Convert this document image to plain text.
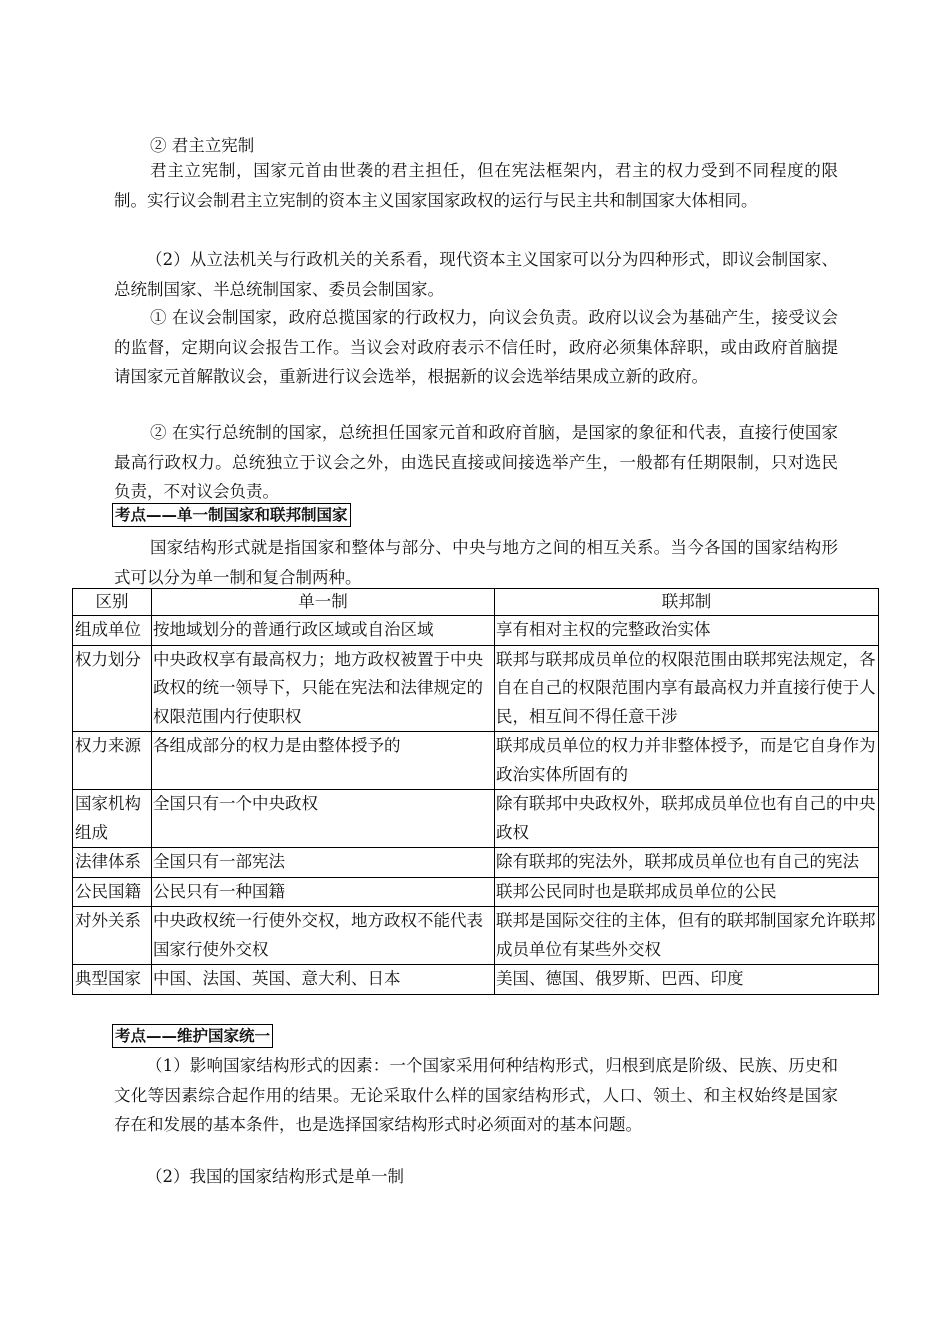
② 君主立宪制
君主立宪制，国家元首由世袭的君主担任，但在宪法框架内，君主的权力受到不同程度的限制。实行议会制君主立宪制的资本主义国家国家政权的运行与民主共和制国家大体相同。
（2）从立法机关与行政机关的关系看，现代资本主义国家可以分为四种形式，即议会制国家、总统制国家、半总统制国家、委员会制国家。
① 在议会制国家，政府总揽国家的行政权力，向议会负责。政府以议会为基础产生，接受议会的监督，定期向议会报告工作。当议会对政府表示不信任时，政府必须集体辞职，或由政府首脑提请国家元首解散议会，重新进行议会选举，根据新的议会选举结果成立新的政府。
② 在实行总统制的国家，总统担任国家元首和政府首脑，是国家的象征和代表，直接行使国家最高行政权力。总统独立于议会之外，由选民直接或间接选举产生，一般都有任期限制，只对选民负责，不对议会负责。
考点——单一制国家和联邦制国家
国家结构形式就是指国家和整体与部分、中央与地方之间的相互关系。当今各国的国家结构形式可以分为单一制和复合制两种。
区别	单一制	联邦制
组成单位	按地域划分的普通行政区域或自治区域	享有相对主权的完整政治实体
权力划分	中央政权享有最高权力；地方政权被置于中央政权的统一领导下，只能在宪法和法律规定的权限范围内行使职权	联邦与联邦成员单位的权限范围由联邦宪法规定，各自在自己的权限范围内享有最高权力并直接行使于人民，相互间不得任意干涉
权力来源	各组成部分的权力是由整体授予的	联邦成员单位的权力并非整体授予，而是它自身作为政治实体所固有的
国家机构组成	全国只有一个中央政权	除有联邦中央政权外，联邦成员单位也有自己的中央政权
法律体系	全国只有一部宪法	除有联邦的宪法外，联邦成员单位也有自己的宪法
公民国籍	公民只有一种国籍	联邦公民同时也是联邦成员单位的公民
对外关系	中央政权统一行使外交权，地方政权不能代表国家行使外交权	联邦是国际交往的主体，但有的联邦制国家允许联邦成员单位有某些外交权
典型国家	中国、法国、英国、意大利、日本	美国、德国、俄罗斯、巴西、印度
考点——维护国家统一
（1）影响国家结构形式的因素：一个国家采用何种结构形式，归根到底是阶级、民族、历史和文化等因素综合起作用的结果。无论采取什么样的国家结构形式，人口、领土、和主权始终是国家存在和发展的基本条件，也是选择国家结构形式时必须面对的基本问题。
（2）我国的国家结构形式是单一制
